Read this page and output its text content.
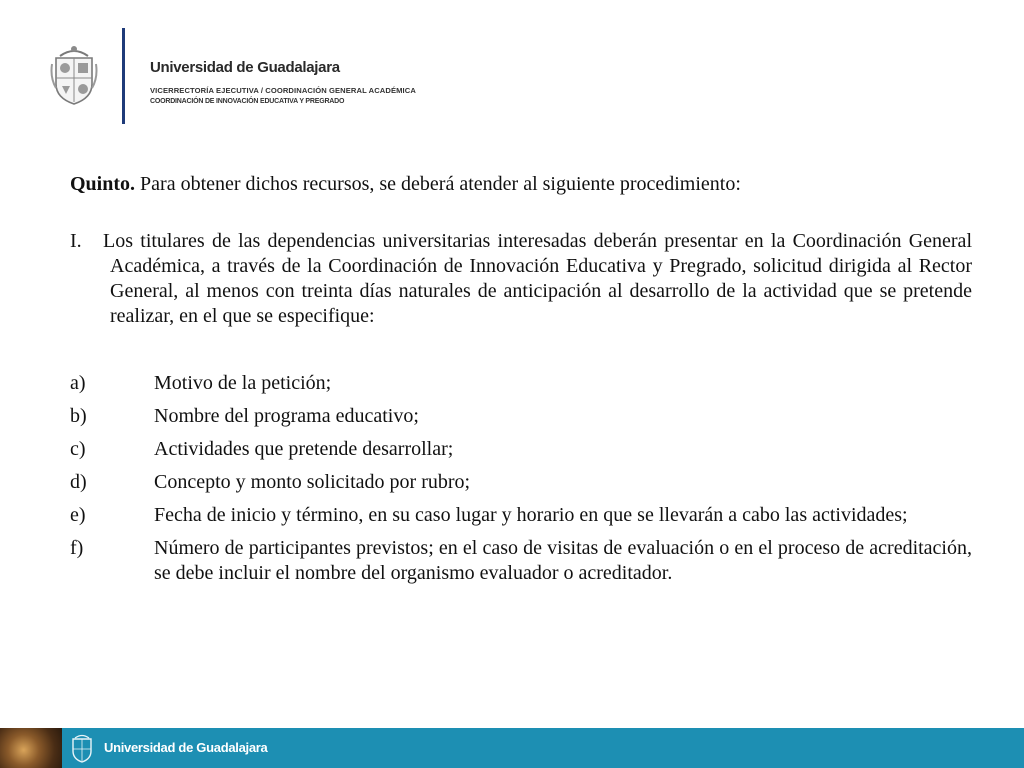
Universidad de Guadalajara
VICERRECTORÍA EJECUTIVA / COORDINACIÓN GENERAL ACADÉMICA
COORDINACIÓN DE INNOVACIÓN EDUCATIVA Y PREGRADO

Quinto. Para obtener dichos recursos, se deberá atender al siguiente procedimiento:

I. Los titulares de las dependencias universitarias interesadas deberán presentar en la Coordinación General Académica, a través de la Coordinación de Innovación Educativa y Pregrado, solicitud dirigida al Rector General, al menos con treinta días naturales de anticipación al desarrollo de la actividad que se pretende realizar, en el que se especifique:

a)	Motivo de la petición;
b)	Nombre del programa educativo;
c)	Actividades que pretende desarrollar;
d)	Concepto y monto solicitado por rubro;
e)	Fecha de inicio y término, en su caso lugar y horario en que se llevarán a cabo las actividades;
f)	Número de participantes previstos; en el caso de visitas de evaluación o en el proceso de acreditación, se debe incluir el nombre del organismo evaluador o acreditador.
Universidad de Guadalajara
